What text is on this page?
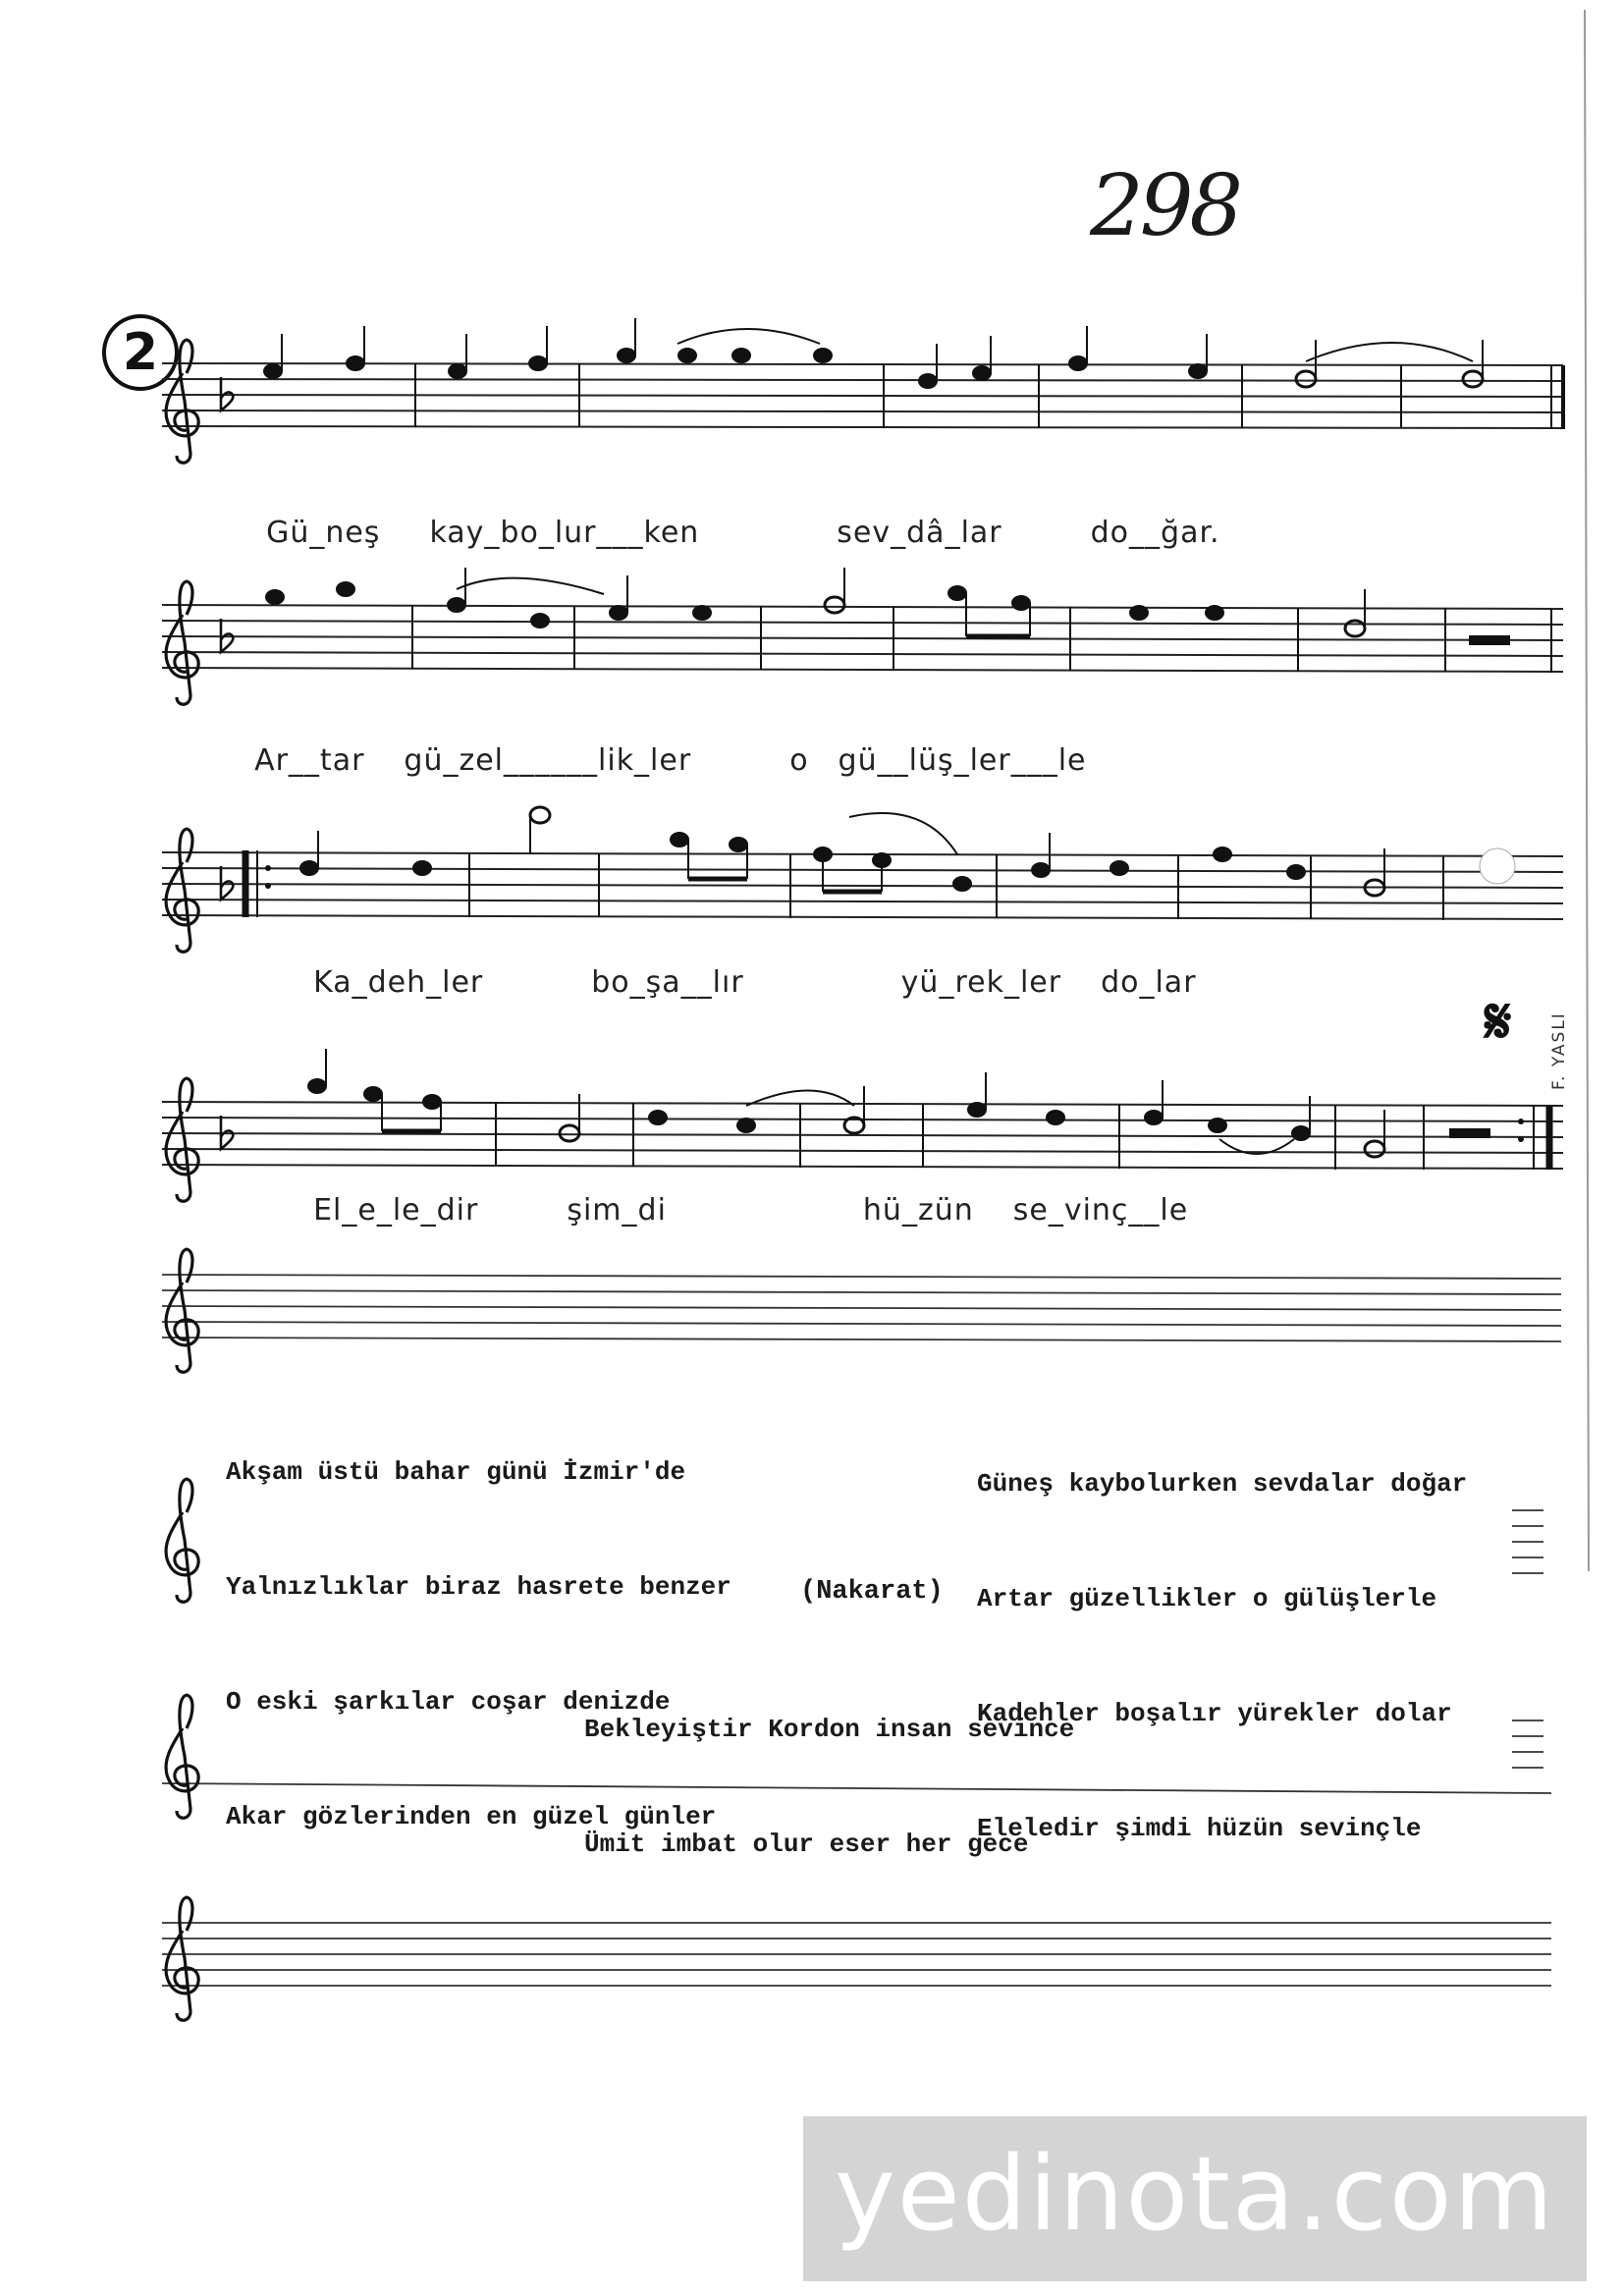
298
2
𝄋

Gü_neş kay_bo_lur___ken	sev_dâ_lar	do__ğar.

Ar__tar gü_zel______lik_ler	o gü__lüş_ler___le

Ka_deh_ler	bo_şa__lır	yü_rek_ler do_lar

El_e_le_dir	şim_di	hü_zün se_vinç__le

F. YASLI

Akşam üstü bahar günü İzmir'de

Yalnızlıklar biraz hasrete benzer

O eski şarkılar coşar denizde

Akar gözlerinden en güzel günler

Güneş kaybolurken sevdalar doğar

Artar güzellikler o gülüşlerle

Kadehler boşalır yürekler dolar

Eleledir şimdi hüzün sevinçle

(Nakarat)

Bekleyiştir Kordon insan sevince

Ümit imbat olur eser her gece

yedinota.com
